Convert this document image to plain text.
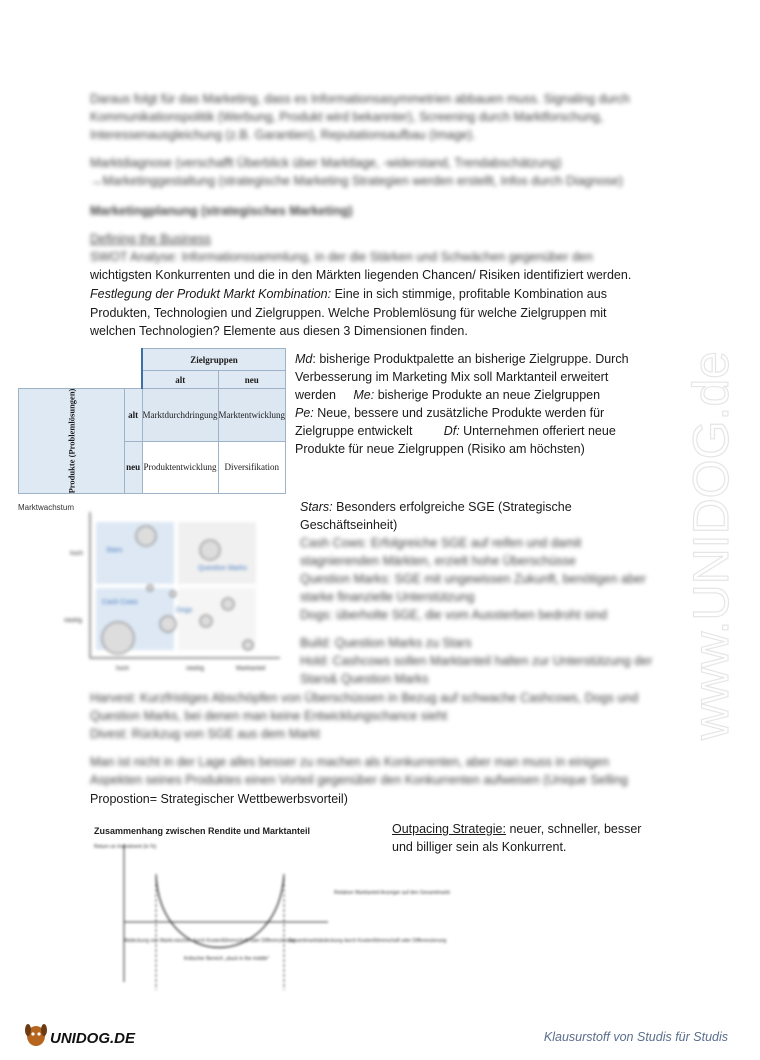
Daraus folgt für das Marketing, dass es Informationsasymmetrien abbauen muss. Signaling durch Kommunikationspolitik (Werbung, Produkt wird bekannter), Screening durch Marktforschung, Interessenausgleichung (z.B. Garantien), Reputationsaufbau (Image).
Marktdiagnose (verschafft Überblick über Marktlage, -widerstand, Trendabschätzung) →Marketinggestaltung (strategische Marketing Strategien werden erstellt, Infos durch Diagnose)
Marketingplanung (strategisches Marketing)
Defining the Business
SWOT Analyse: Informationssammlung, in der die Stärken und Schwächen gegenüber den
wichtigsten Konkurrenten und die in den Märkten liegenden Chancen/ Risiken identifiziert werden.
Festlegung der Produkt Markt Kombination: Eine in sich stimmige, profitable Kombination aus
Produkten, Technologien und Zielgruppen. Welche Problemlösung für welche Zielgruppen mit
welchen Technologien? Elemente aus diesen 3 Dimensionen finden.
		Zielgruppen	
		alt	neu

Produkte (Problemlösungen)	alt	Marktdurchdringung	Marktentwicklung
	neu	Produktentwicklung	Diversifikation
Md: bisherige Produktpalette an bisherige Zielgruppe. Durch
Verbesserung im Marketing Mix soll Marktanteil erweitert
werden Me: bisherige Produkte an neue Zielgruppen
Pe: Neue, bessere und zusätzliche Produkte werden für
Zielgruppe entwickelt	Df: Unternehmen offeriert neue
Produkte für neue Zielgruppen (Risiko am höchsten)
Marktwachstum
hoch
niedrig
Stars
Question Marks
Cash Cows
Dogs
hoch	niedrig	Marktanteil
Stars: Besonders erfolgreiche SGE (Strategische
Geschäftseinheit)
Cash Cows: Erfolgreiche SGE auf reifen und damit
stagnierenden Märkten, erzielt hohe Überschüsse
Question Marks: SGE mit ungewissen Zukunft, benötigen aber
starke finanzielle Unterstützung
Dogs: überholte SGE, die vom Aussterben bedroht sind
Build: Question Marks zu Stars
Hold: Cashcows sollen Marktanteil halten zur Unterstützung der
Stars& Question Marks
Harvest: Kurzfristiges Abschöpfen von Überschüssen in Bezug auf schwache Cashcows, Dogs und
Question Marks, bei denen man keine Entwicklungschance sieht
Divest: Rückzug von SGE aus dem Markt
Man ist nicht in der Lage alles besser zu machen als Konkurrenten, aber man muss in einigen
Aspekten seines Produktes einen Vorteil gegenüber den Konkurrenten aufweisen (Unique Selling
Propostion= Strategischer Wettbewerbsvorteil)
Zusammenhang zwischen Rendite und Marktanteil
Return on Investment (in %)
Relativer Marktanteil Anzeiger auf den Gesamtmarkt
Abdeckung von Markt-nischen durch Kostenführerschaft oder Differenzierung
Kritischer Bereich „stuck in the middle“
Gesamtmarktabdeckung durch Kostenführerschaft oder Differenzierung
Outpacing Strategie: neuer, schneller, besser
und billiger sein als Konkurrent.
www.UNIDOG.de
UNIDOG.DE	Klausurstoff von Studis für Studis
